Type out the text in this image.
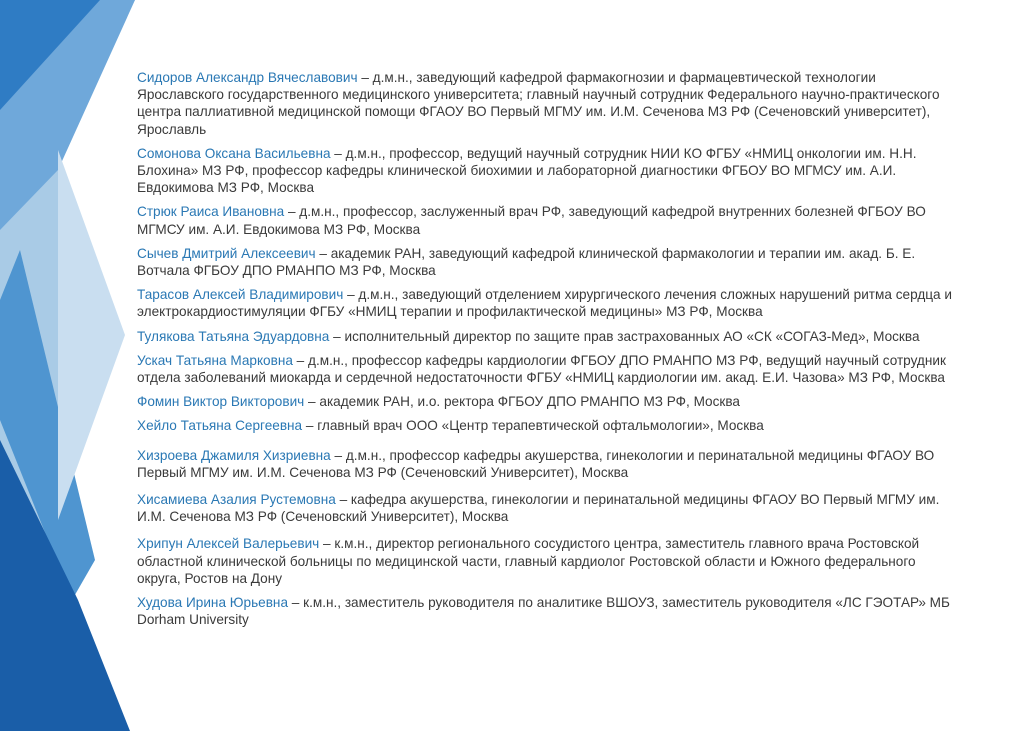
Сидоров Александр Вячеславович – д.м.н., заведующий кафедрой фармакогнозии и фармацевтической технологии Ярославского государственного медицинского университета; главный научный сотрудник Федерального научно-практического центра паллиативной медицинской помощи ФГАОУ ВО Первый МГМУ им. И.М. Сеченова МЗ РФ (Сеченовский университет), Ярославль

Сомонова Оксана Васильевна – д.м.н., профессор, ведущий научный сотрудник НИИ КО ФГБУ «НМИЦ онкологии им. Н.Н. Блохина» МЗ РФ, профессор кафедры клинической биохимии и лабораторной диагностики ФГБОУ ВО МГМСУ им. А.И. Евдокимова МЗ РФ, Москва

Стрюк Раиса Ивановна – д.м.н., профессор, заслуженный врач РФ, заведующий кафедрой внутренних болезней ФГБОУ ВО МГМСУ им. А.И. Евдокимова МЗ РФ, Москва

Сычев Дмитрий Алексеевич – академик РАН, заведующий кафедрой клинической фармакологии и терапии им. акад. Б. Е. Вотчала ФГБОУ ДПО РМАНПО МЗ РФ, Москва

Тарасов Алексей Владимирович – д.м.н., заведующий отделением хирургического лечения сложных нарушений ритма сердца и электрокардиостимуляции ФГБУ «НМИЦ терапии и профилактической медицины» МЗ РФ, Москва

Тулякова Татьяна Эдуардовна – исполнительный директор по защите прав застрахованных АО «СК «СОГАЗ-Мед», Москва

Ускач Татьяна Марковна – д.м.н., профессор кафедры кардиологии ФГБОУ ДПО РМАНПО МЗ РФ, ведущий научный сотрудник отдела заболеваний миокарда и сердечной недостаточности ФГБУ «НМИЦ кардиологии им. акад. Е.И. Чазова» МЗ РФ, Москва

Фомин Виктор Викторович – академик РАН, и.о. ректора ФГБОУ ДПО РМАНПО МЗ РФ, Москва

Хейло Татьяна Сергеевна – главный врач ООО «Центр терапевтической офтальмологии», Москва

Хизроева Джамиля Хизриевна – д.м.н., профессор кафедры акушерства, гинекологии и перинатальной медицины ФГАОУ ВО Первый МГМУ им. И.М. Сеченова МЗ РФ (Сеченовский Университет), Москва

Хисамиева Азалия Рустемовна – кафедра акушерства, гинекологии и перинатальной медицины ФГАОУ ВО Первый МГМУ им. И.М. Сеченова МЗ РФ (Сеченовский Университет), Москва

Хрипун Алексей Валерьевич – к.м.н., директор регионального сосудистого центра, заместитель главного врача Ростовской областной клинической больницы по медицинской части, главный кардиолог Ростовской области и Южного федерального округа, Ростов на Дону

Худова Ирина Юрьевна – к.м.н., заместитель руководителя по аналитике ВШОУЗ, заместитель руководителя «ЛС ГЭОТАР» МБ Dorham University
